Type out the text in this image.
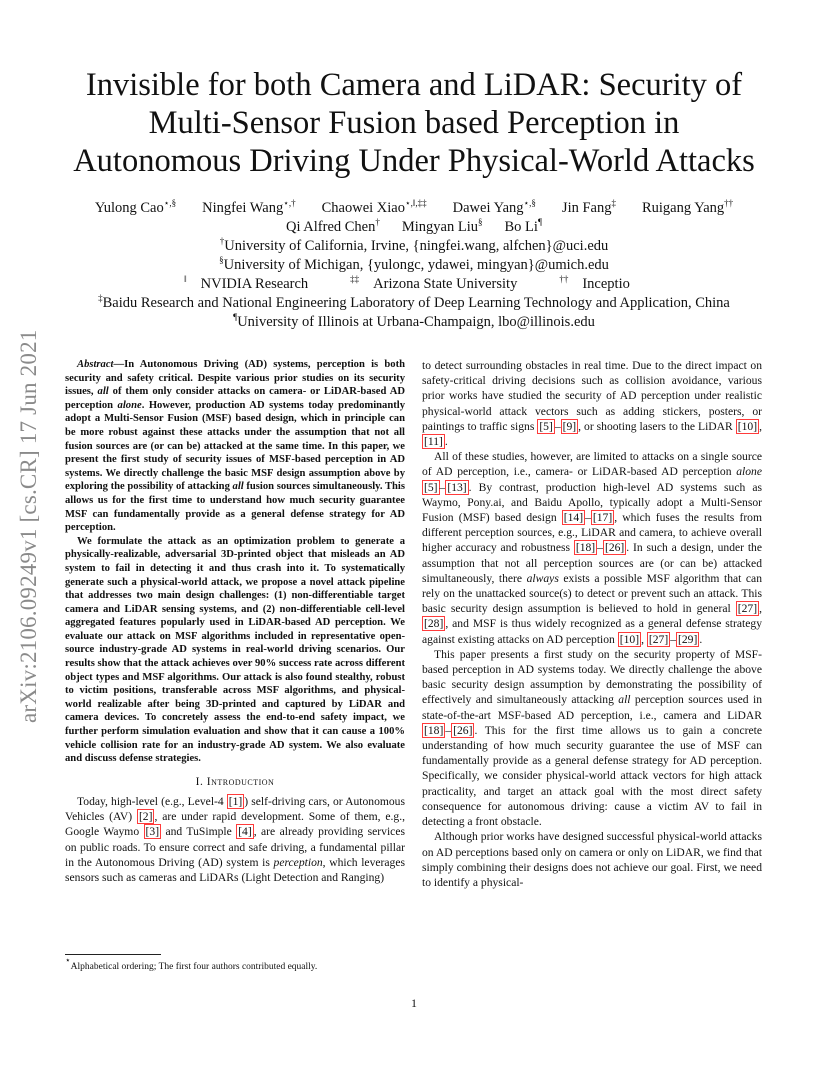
arXiv:2106.09249v1 [cs.CR] 17 Jun 2021
Invisible for both Camera and LiDAR: Security of
Multi-Sensor Fusion based Perception in
Autonomous Driving Under Physical-World Attacks
Yulong Cao⋆,§ Ningfei Wang⋆,† Chaowei Xiao⋆,‖,‡‡ Dawei Yang⋆,§ Jin Fang‡ Ruigang Yang††
Qi Alfred Chen† Mingyan Liu§ Bo Li¶
†University of California, Irvine, {ningfei.wang, alfchen}@uci.edu
§University of Michigan, {yulongc, ydawei, mingyan}@umich.edu
‖ NVIDIA Research	‡‡ Arizona State University	†† Inceptio
‡Baidu Research and National Engineering Laboratory of Deep Learning Technology and Application, China
¶University of Illinois at Urbana-Champaign, lbo@illinois.edu

Abstract—In Autonomous Driving (AD) systems, perception is both security and safety critical. Despite various prior studies on its security issues, all of them only consider attacks on camera- or LiDAR-based AD perception alone. However, production AD systems today predominantly adopt a Multi-Sensor Fusion (MSF) based design, which in principle can be more robust against these attacks under the assumption that not all fusion sources are (or can be) attacked at the same time. In this paper, we present the first study of security issues of MSF-based perception in AD systems. We directly challenge the basic MSF design assumption above by exploring the possibility of attacking all fusion sources simultaneously. This allows us for the first time to understand how much security guarantee MSF can fundamentally provide as a general defense strategy for AD perception.

We formulate the attack as an optimization problem to generate a physically-realizable, adversarial 3D-printed object that misleads an AD system to fail in detecting it and thus crash into it. To systematically generate such a physical-world attack, we propose a novel attack pipeline that addresses two main design challenges: (1) non-differentiable target camera and LiDAR sensing systems, and (2) non-differentiable cell-level aggregated features popularly used in LiDAR-based AD perception. We evaluate our attack on MSF algorithms included in representative open-source industry-grade AD systems in real-world driving scenarios. Our results show that the attack achieves over 90% success rate across different object types and MSF algorithms. Our attack is also found stealthy, robust to victim positions, transferable across MSF algorithms, and physical-world realizable after being 3D-printed and captured by LiDAR and camera devices. To concretely assess the end-to-end safety impact, we further perform simulation evaluation and show that it can cause a 100% vehicle collision rate for an industry-grade AD system. We also evaluate and discuss defense strategies.

I. Introduction

Today, high-level (e.g., Level-4 [1] ) self-driving cars, or Autonomous Vehicles (AV) [2] , are under rapid development. Some of them, e.g., Google Waymo [3] and TuSimple [4] , are already providing services on public roads. To ensure correct and safe driving, a fundamental pillar in the Autonomous Driving (AD) system is perception, which leverages sensors such as cameras and LiDARs (Light Detection and Ranging)

to detect surrounding obstacles in real time. Due to the direct impact on safety-critical driving decisions such as collision avoidance, various prior works have studied the security of AD perception under realistic physical-world attack vectors such as adding stickers, posters, or paintings to traffic signs [5] – [9] , or shooting lasers to the LiDAR [10] , [11] .

All of these studies, however, are limited to attacks on a single source of AD perception, i.e., camera- or LiDAR-based AD perception alone [5] – [13] . By contrast, production high-level AD systems such as Waymo, Pony.ai, and Baidu Apollo, typically adopt a Multi-Sensor Fusion (MSF) based design [14] – [17] , which fuses the results from different perception sources, e.g., LiDAR and camera, to achieve overall higher accuracy and robustness [18] – [26] . In such a design, under the assumption that not all perception sources are (or can be) attacked simultaneously, there always exists a possible MSF algorithm that can rely on the unattacked source(s) to detect or prevent such an attack. This basic security design assumption is believed to hold in general [27] , [28] , and MSF is thus widely recognized as a general defense strategy against existing attacks on AD perception [10] , [27] – [29] .

This paper presents a first study on the security property of MSF-based perception in AD systems today. We directly challenge the above basic security design assumption by demonstrating the possibility of effectively and simultaneously attacking all perception sources used in state-of-the-art MSF-based AD perception, i.e., camera and LiDAR [18] – [26] . This for the first time allows us to gain a concrete understanding of how much security guarantee the use of MSF can fundamentally provide as a general defense strategy for AD perception. Specifically, we consider physical-world attack vectors for high attack practicality, and target an attack goal with the most direct safety consequence for autonomous driving: cause a victim AV to fail in detecting a front obstacle.

Although prior works have designed successful physical-world attacks on AD perceptions based only on camera or only on LiDAR, we find that simply combining their designs does not achieve our goal. First, we need to identify a physical-

⋆Alphabetical ordering; The first four authors contributed equally.
1
